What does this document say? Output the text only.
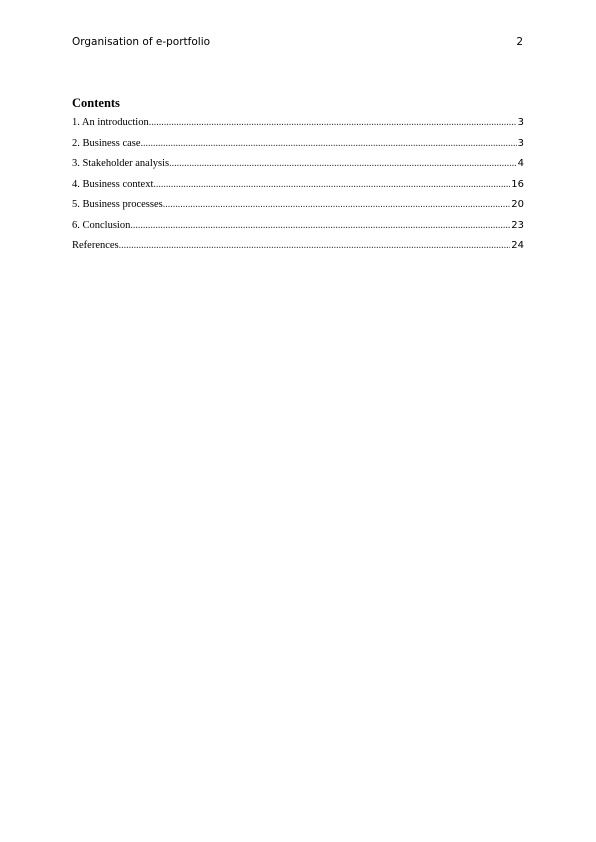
Organisation of e-portfolio	2
Contents
1. An introduction .....	3
2. Business case .....	3
3. Stakeholder analysis .....	4
4. Business context .....	16
5. Business processes .....	20
6. Conclusion .....	23
References .....	24
